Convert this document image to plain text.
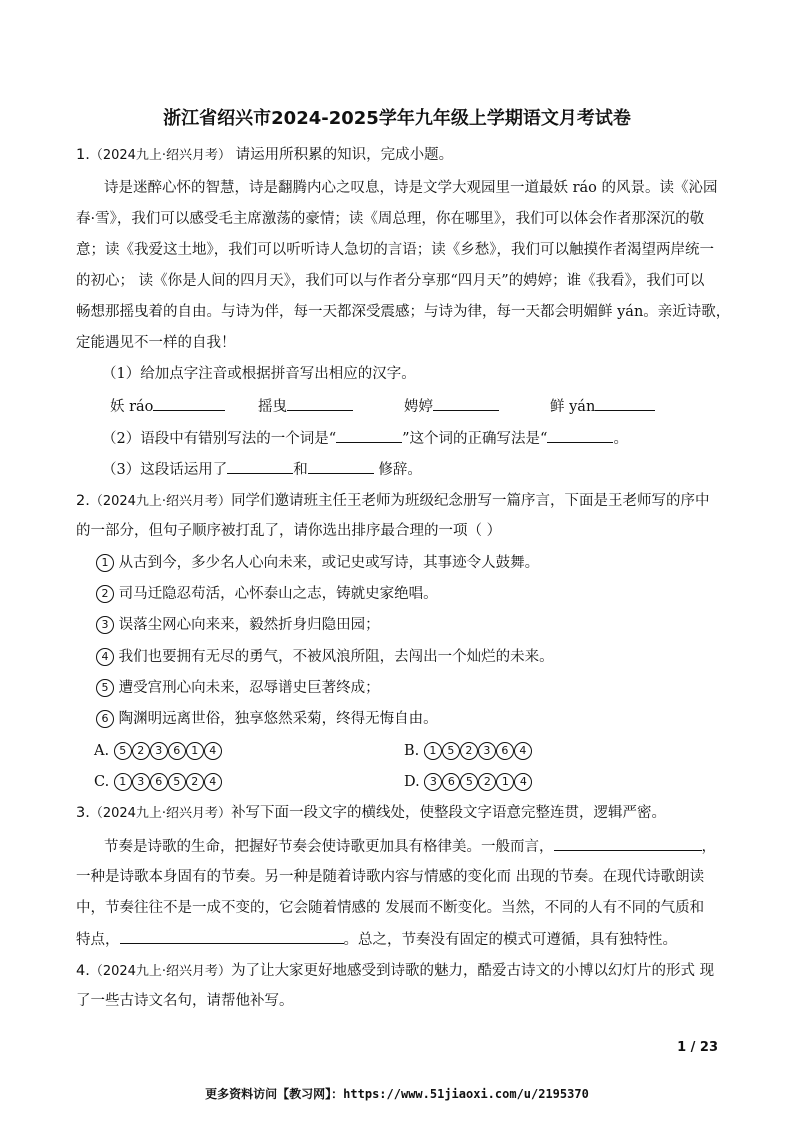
浙江省绍兴市2024-2025学年九年级上学期语文月考试卷
1.（2024九上·绍兴月考） 请运用所积累的知识，完成小题。
诗是迷醉心怀的智慧，诗是翻腾内心之叹息，诗是文学大观园里一道最妖 ráo 的风景。读《沁园
春·雪》，我们可以感受毛主席激荡的豪情；读《周总理，你在哪里》，我们可以体会作者那深沉的敬
意；读《我爱这土地》，我们可以听听诗人急切的言语；读《乡愁》，我们可以触摸作者渴望两岸统一
的初心； 读《你是人间的四月天》，我们可以与作者分享那“四月天”的娉婷；谁《我看》，我们可以
畅想那摇曳着的自由。与诗为伴，每一天都深受震感；与诗为律，每一天都会明媚鲜 yán。亲近诗歌，
定能遇见不一样的自我！
（1）给加点字注音或根据拼音写出相应的汉字。
妖 ráo	摇曳	娉婷	鲜 yán
（2）语段中有错别写法的一个词是“	”这个词的正确写法是“	。
（3）这段话运用了	和	修辞。
2.（2024九上·绍兴月考）同学们邀请班主任王老师为班级纪念册写一篇序言，下面是王老师写的序中
的一部分，但句子顺序被打乱了，请你选出排序最合理的一项（ ）
1 从古到今，多少名人心向未来，或记史或写诗，其事迹令人鼓舞。
2 司马迁隐忍苟活，心怀泰山之志，铸就史家绝唱。
3 误落尘网心向来来，毅然折身归隐田园；
4 我们也要拥有无尽的勇气，不被风浪所阻，去闯出一个灿烂的未来。
5 遭受宫刑心向未来，忍辱谱史巨著终成；
6 陶渊明远离世俗，独享悠然采菊，终得无悔自由。
A. 5 2 3 6 1 4	B. 1 5 2 3 6 4
C. 1 3 6 5 2 4	D. 3 6 5 2 1 4
3.（2024九上·绍兴月考）补写下面一段文字的横线处，使整段文字语意完整连贯，逻辑严密。
节奏是诗歌的生命，把握好节奏会使诗歌更加具有格律美。一般而言，	，
一种是诗歌本身固有的节奏。另一种是随着诗歌内容与情感的变化而 出现的节奏。在现代诗歌朗读
中，节奏往往不是一成不变的，它会随着情感的 发展而不断变化。当然，不同的人有不同的气质和
特点，	。总之，节奏没有固定的模式可遵循，具有独特性。
4.（2024九上·绍兴月考）为了让大家更好地感受到诗歌的魅力，酷爱古诗文的小博以幻灯片的形式 现
了一些古诗文名句，请帮他补写。
1 / 23
更多资料访问【教习网】：https://www.51jiaoxi.com/u/2195370
